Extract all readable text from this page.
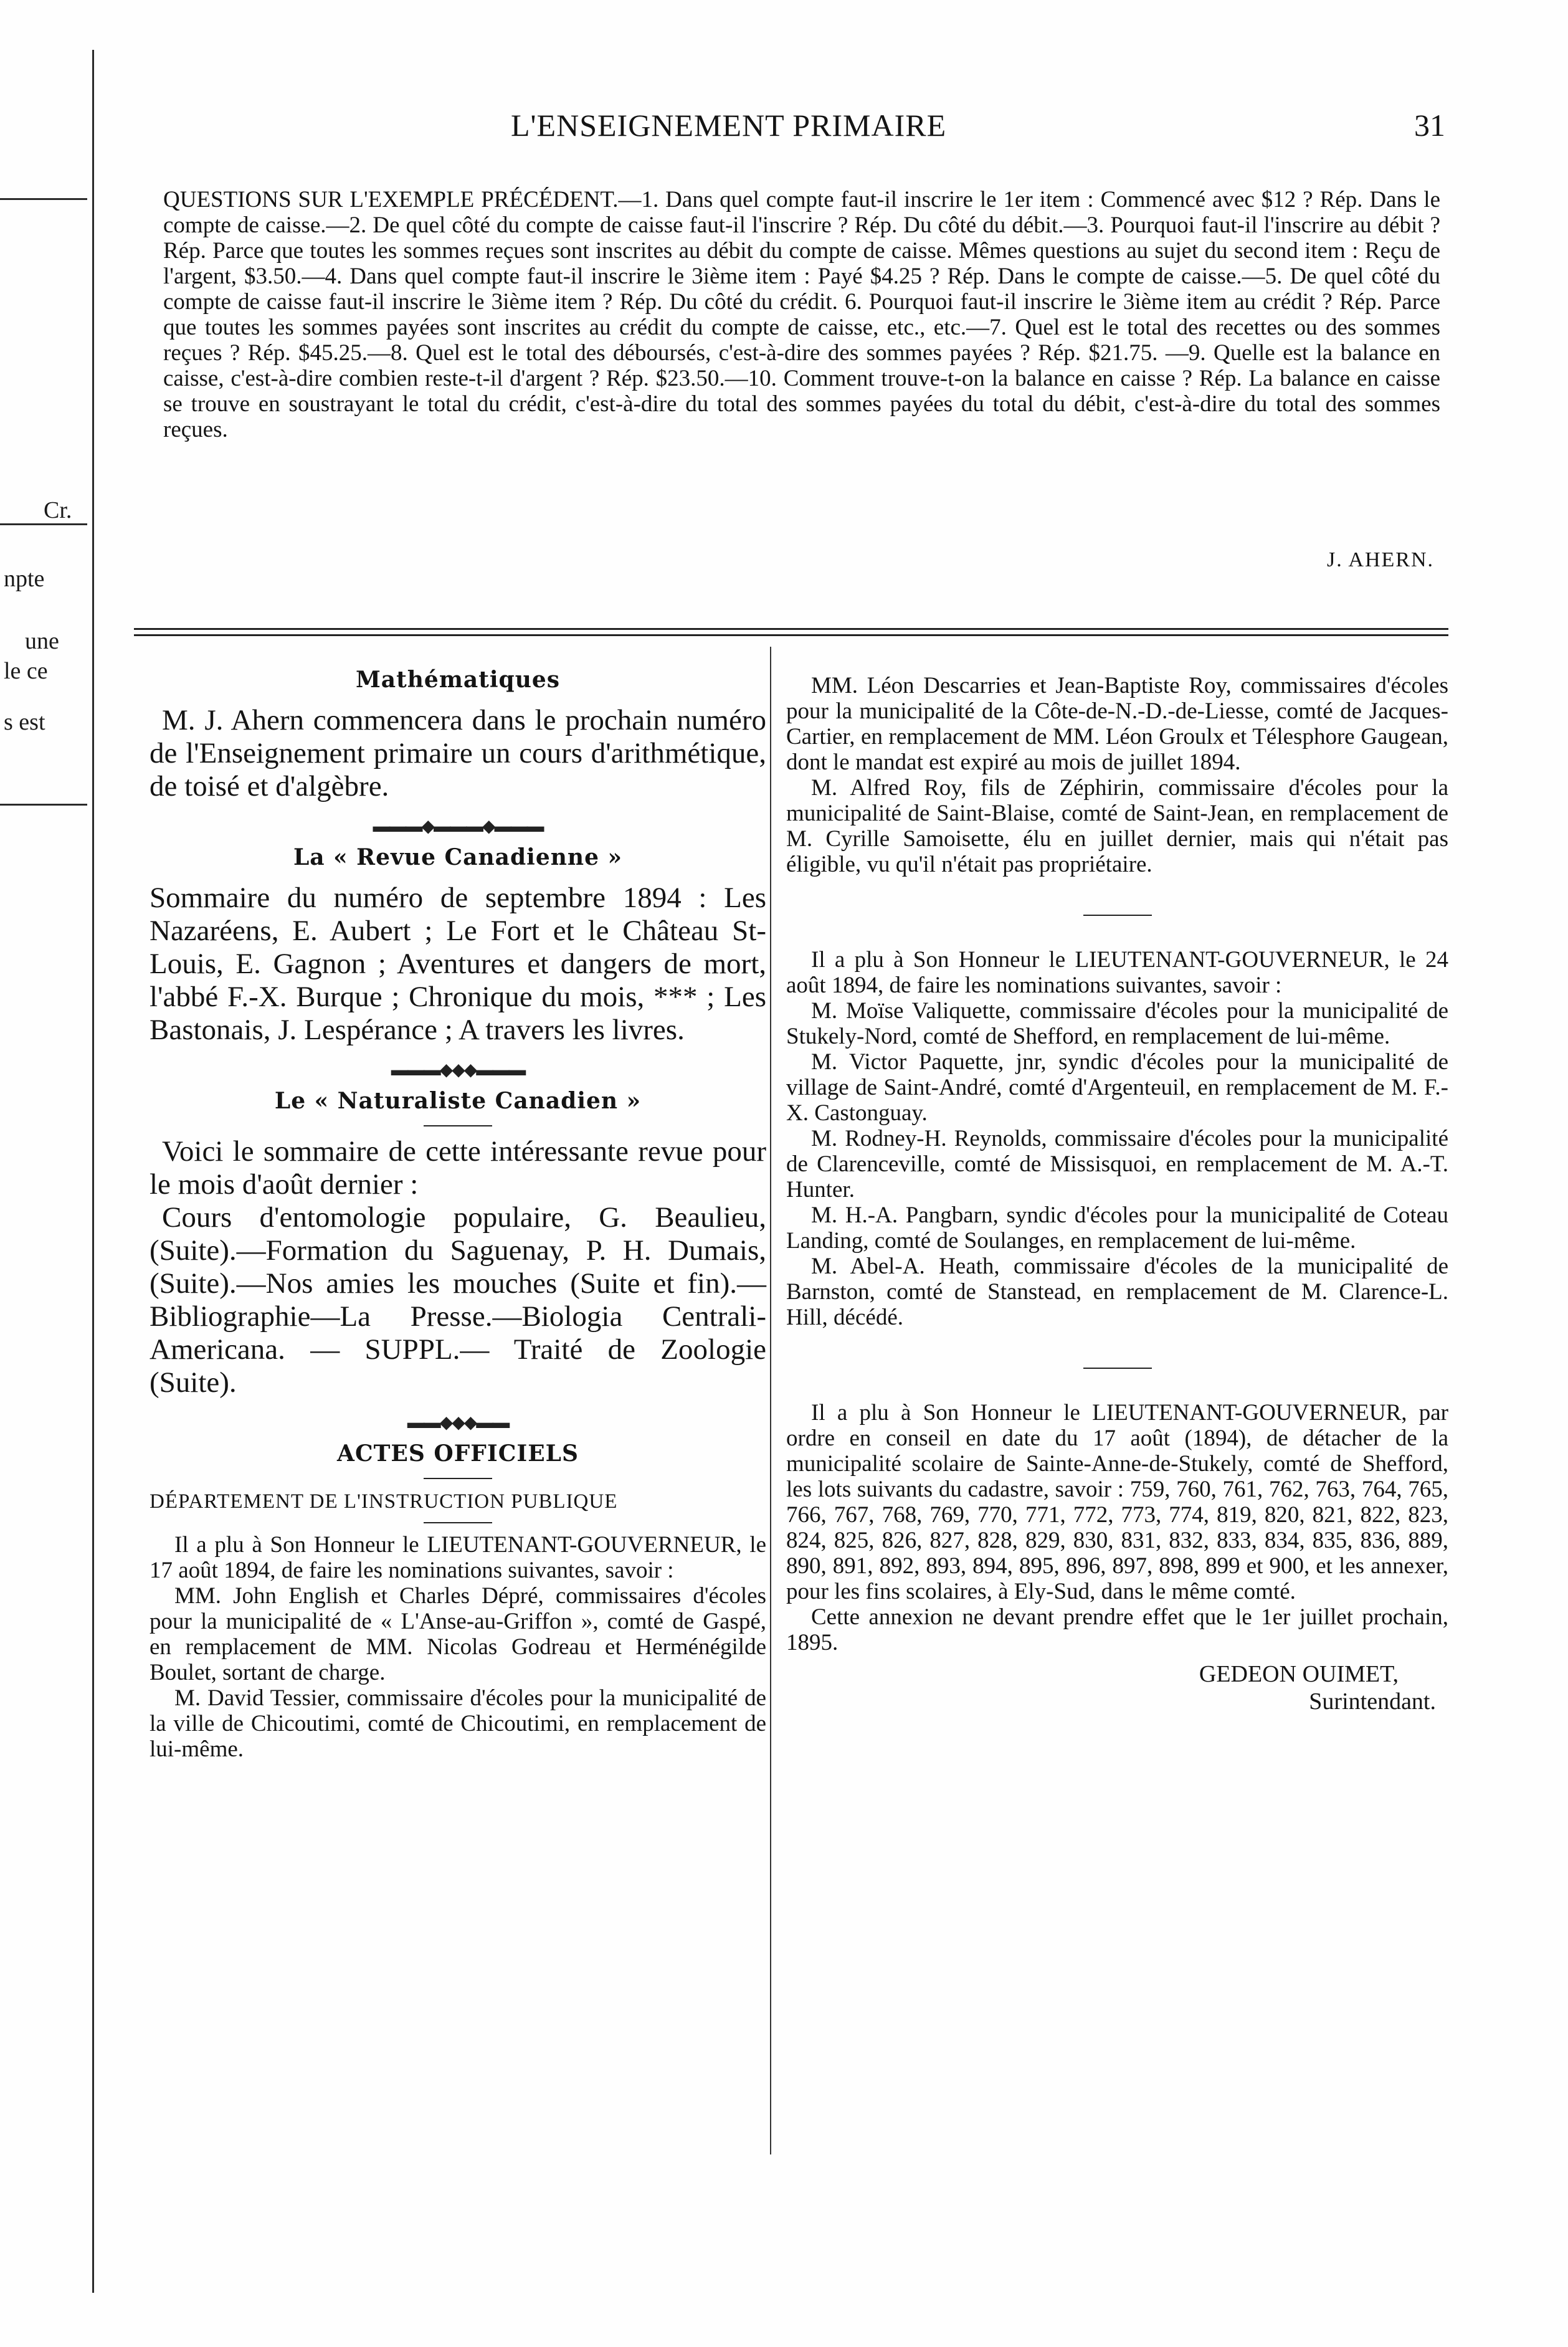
Cr.
npte
une
le ce
s est
L'ENSEIGNEMENT PRIMAIRE	31

QUESTIONS SUR L'EXEMPLE PRÉCÉDENT.—1. Dans quel compte faut-il inscrire le 1er item : Commencé avec $12 ? Rép. Dans le compte de caisse.—2. De quel côté du compte de caisse faut-il l'inscrire ? Rép. Du côté du débit.—3. Pourquoi faut-il l'inscrire au débit ? Rép. Parce que toutes les sommes reçues sont inscrites au débit du compte de caisse. Mêmes questions au sujet du second item : Reçu de l'argent, $3.50.—4. Dans quel compte faut-il inscrire le 3ième item : Payé $4.25 ? Rép. Dans le compte de caisse.—5. De quel côté du compte de caisse faut-il inscrire le 3ième item ? Rép. Du côté du crédit. 6. Pourquoi faut-il inscrire le 3ième item au crédit ? Rép. Parce que toutes les sommes payées sont inscrites au crédit du compte de caisse, etc., etc.—7. Quel est le total des recettes ou des sommes reçues ? Rép. $45.25.—8. Quel est le total des déboursés, c'est-à-dire des sommes payées ? Rép. $21.75. —9. Quelle est la balance en caisse, c'est-à-dire combien reste-t-il d'argent ? Rép. $23.50.—10. Comment trouve-t-on la balance en caisse ? Rép. La balance en caisse se trouve en soustrayant le total du crédit, c'est-à-dire du total des sommes payées du total du débit, c'est-à-dire du total des sommes reçues.

J. AHERN.
Mathématiques

M. J. Ahern commencera dans le prochain numéro de l'Enseignement primaire un cours d'arithmétique, de toisé et d'algèbre.

▬▬▬◆▬▬▬◆▬▬▬
La « Revue Canadienne »

Sommaire du numéro de septembre 1894 : Les Nazaréens, E. Aubert ; Le Fort et le Château St-Louis, E. Gagnon ; Aventures et dangers de mort, l'abbé F.-X. Burque ; Chronique du mois, *** ; Les Bastonais, J. Lespérance ; A travers les livres.

▬▬▬◆◆◆▬▬▬
Le « Naturaliste Canadien »

Voici le sommaire de cette intéressante revue pour le mois d'août dernier :

Cours d'entomologie populaire, G. Beaulieu, (Suite).—Formation du Saguenay, P. H. Dumais, (Suite).—Nos amies les mouches (Suite et fin).—Bibliographie—La Presse.—Biologia Centrali-Americana. — SUPPL.— Traité de Zoologie (Suite).

▬▬◆◆◆▬▬
ACTES OFFICIELS
DÉPARTEMENT DE L'INSTRUCTION PUBLIQUE

Il a plu à Son Honneur le LIEUTENANT-GOUVERNEUR, le 17 août 1894, de faire les nominations suivantes, savoir :

MM. John English et Charles Dépré, commissaires d'écoles pour la municipalité de « L'Anse-au-Griffon », comté de Gaspé, en remplacement de MM. Nicolas Godreau et Herménégilde Boulet, sortant de charge.

M. David Tessier, commissaire d'écoles pour la municipalité de la ville de Chicoutimi, comté de Chicoutimi, en remplacement de lui-même.

MM. Léon Descarries et Jean-Baptiste Roy, commissaires d'écoles pour la municipalité de la Côte-de-N.-D.-de-Liesse, comté de Jacques-Cartier, en remplacement de MM. Léon Groulx et Télesphore Gaugean, dont le mandat est expiré au mois de juillet 1894.

M. Alfred Roy, fils de Zéphirin, commissaire d'écoles pour la municipalité de Saint-Blaise, comté de Saint-Jean, en remplacement de M. Cyrille Samoisette, élu en juillet dernier, mais qui n'était pas éligible, vu qu'il n'était pas propriétaire.

Il a plu à Son Honneur le LIEUTENANT-GOUVERNEUR, le 24 août 1894, de faire les nominations suivantes, savoir :

M. Moïse Valiquette, commissaire d'écoles pour la municipalité de Stukely-Nord, comté de Shefford, en remplacement de lui-même.

M. Victor Paquette, jnr, syndic d'écoles pour la municipalité de village de Saint-André, comté d'Argenteuil, en remplacement de M. F.-X. Castonguay.

M. Rodney-H. Reynolds, commissaire d'écoles pour la municipalité de Clarenceville, comté de Missisquoi, en remplacement de M. A.-T. Hunter.

M. H.-A. Pangbarn, syndic d'écoles pour la municipalité de Coteau Landing, comté de Soulanges, en remplacement de lui-même.

M. Abel-A. Heath, commissaire d'écoles de la municipalité de Barnston, comté de Stanstead, en remplacement de M. Clarence-L. Hill, décédé.

Il a plu à Son Honneur le LIEUTENANT-GOUVERNEUR, par ordre en conseil en date du 17 août (1894), de détacher de la municipalité scolaire de Sainte-Anne-de-Stukely, comté de Shefford, les lots suivants du cadastre, savoir : 759, 760, 761, 762, 763, 764, 765, 766, 767, 768, 769, 770, 771, 772, 773, 774, 819, 820, 821, 822, 823, 824, 825, 826, 827, 828, 829, 830, 831, 832, 833, 834, 835, 836, 889, 890, 891, 892, 893, 894, 895, 896, 897, 898, 899 et 900, et les annexer, pour les fins scolaires, à Ely-Sud, dans le même comté.

Cette annexion ne devant prendre effet que le 1er juillet prochain, 1895.

GEDEON OUIMET,
Surintendant.
